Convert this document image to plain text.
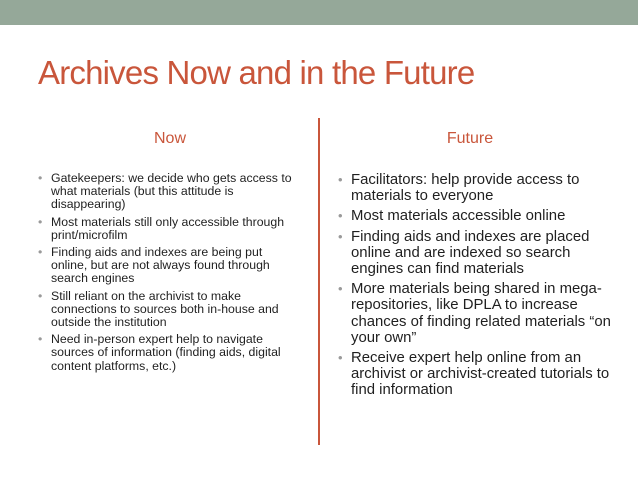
Archives Now and in the Future
Now	Future
• Gatekeepers: we decide who gets access to what materials (but this attitude is disappearing)
• Most materials still only accessible through print/microfilm
• Finding aids and indexes are being put online, but are not always found through search engines
• Still reliant on the archivist to make connections to sources both in-house and outside the institution
• Need in-person expert help to navigate sources of information (finding aids, digital content platforms, etc.)
• Facilitators: help provide access to materials to everyone
• Most materials accessible online
• Finding aids and indexes are placed online and are indexed so search engines can find materials
• More materials being shared in mega-repositories, like DPLA to increase chances of finding related materials “on your own”
• Receive expert help online from an archivist or archivist-created tutorials to find information
